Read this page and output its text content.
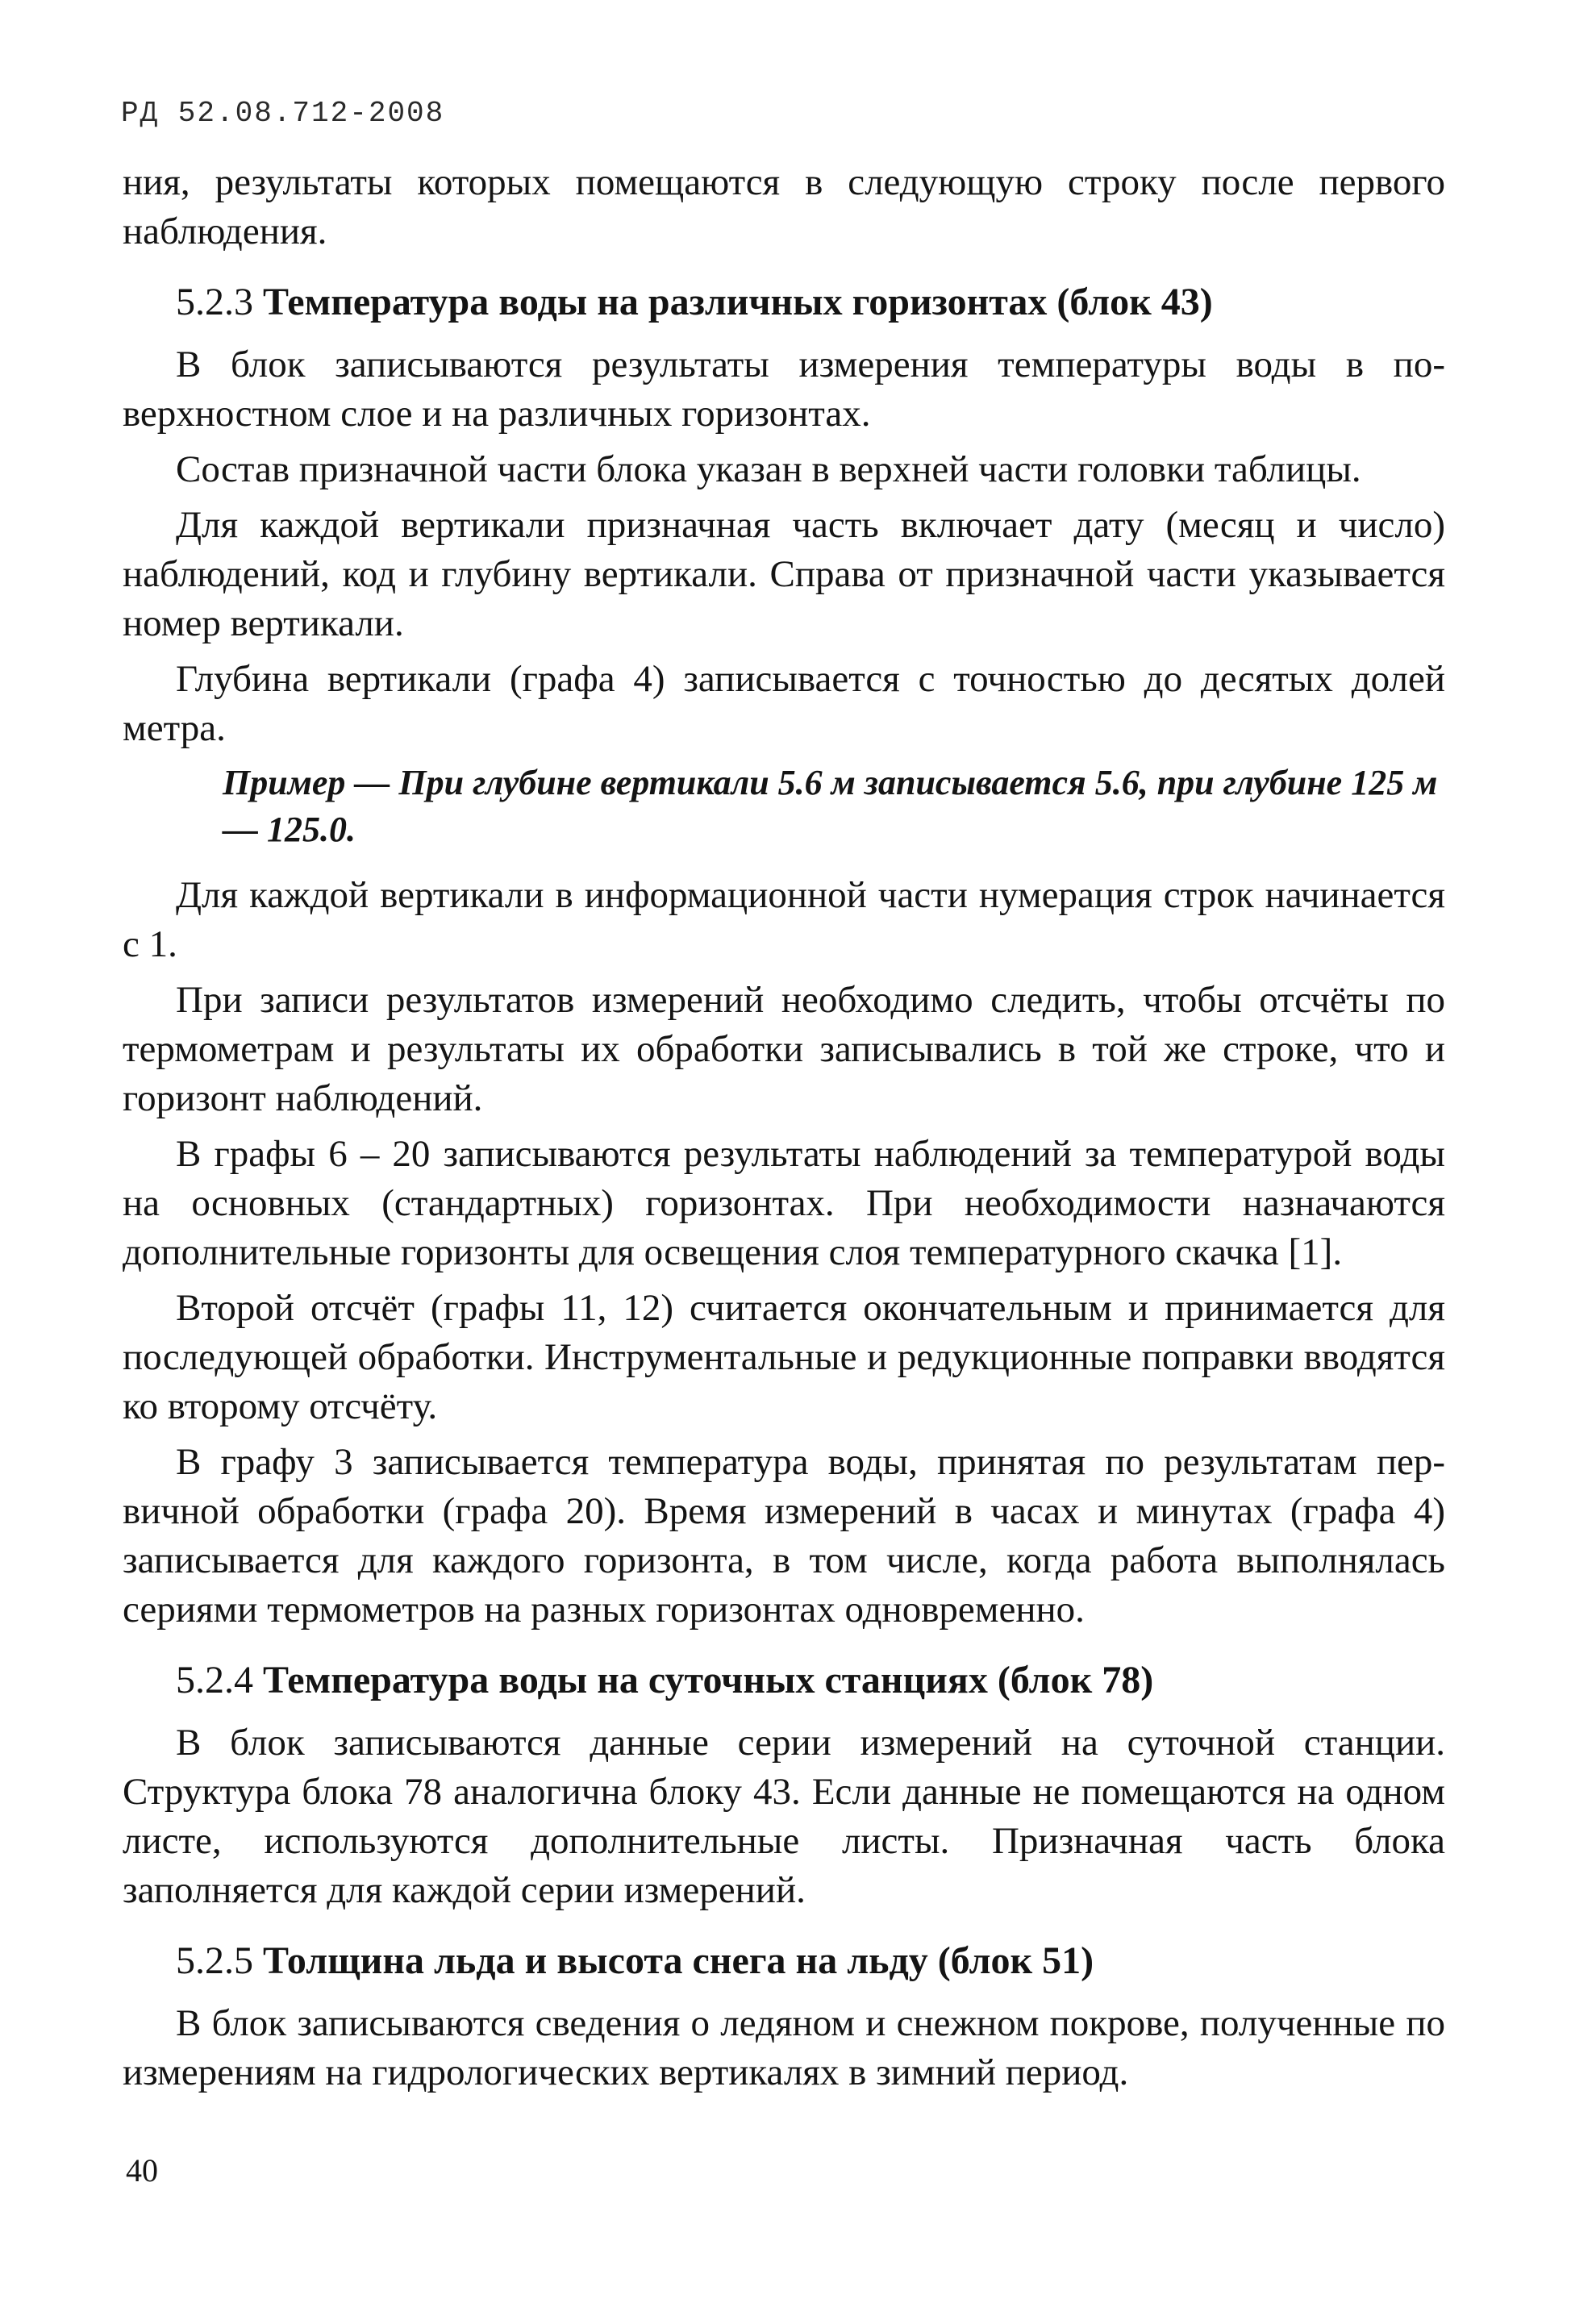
РД 52.08.712-2008

ния, результаты которых помещаются в следующую строку после первого наблюдения.

5.2.3 Температура воды на различных горизонтах (блок 43)

В блок записываются результаты измерения температуры воды в поверхностном слое и на различных горизонтах.

Состав призначной части блока указан в верхней части головки таблицы.

Для каждой вертикали призначная часть включает дату (месяц и число) наблюдений, код и глубину вертикали. Справа от призначной части указывается номер вертикали.

Глубина вертикали (графа 4) записывается с точностью до десятых долей метра.

Пример — При глубине вертикали 5.6 м записывается 5.6, при глубине 125 м — 125.0.

Для каждой вертикали в информационной части нумерация строк начинается с 1.

При записи результатов измерений необходимо следить, чтобы отсчёты по термометрам и результаты их обработки записывались в той же строке, что и горизонт наблюдений.

В графы 6 – 20 записываются результаты наблюдений за температурой воды на основных (стандартных) горизонтах. При необходимости назначаются дополнительные горизонты для освещения слоя температурного скачка [1].

Второй отсчёт (графы 11, 12) считается окончательным и принимается для последующей обработки. Инструментальные и редукционные поправки вводятся ко второму отсчёту.

В графу 3 записывается температура воды, принятая по результатам первичной обработки (графа 20). Время измерений в часах и минутах (графа 4) записывается для каждого горизонта, в том числе, когда работа выполнялась сериями термометров на разных горизонтах одновременно.

5.2.4 Температура воды на суточных станциях (блок 78)

В блок записываются данные серии измерений на суточной станции. Структура блока 78 аналогична блоку 43. Если данные не помещаются на одном листе, используются дополнительные листы. Призначная часть блока заполняется для каждой серии измерений.

5.2.5 Толщина льда и высота снега на льду (блок 51)

В блок записываются сведения о ледяном и снежном покрове, полученные по измерениям на гидрологических вертикалях в зимний период.

40
